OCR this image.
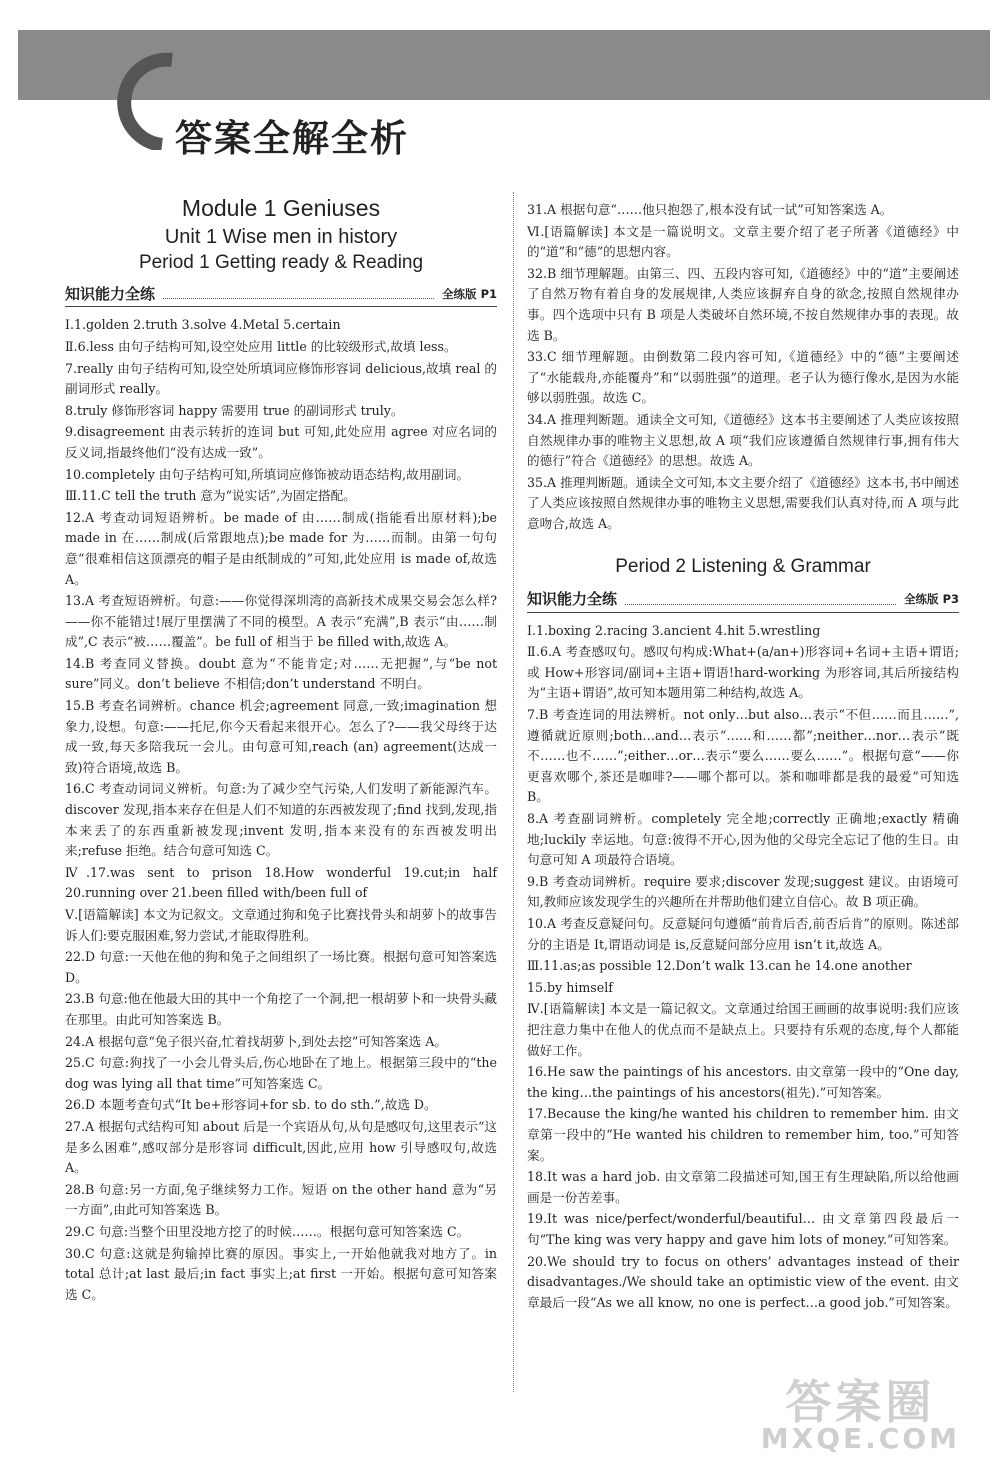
答案全解全析
Module 1 Geniuses
Unit 1 Wise men in history
Period 1 Getting ready & Reading
知识能力全练	全练版 P1
Ⅰ.1.golden 2.truth 3.solve 4.Metal 5.certain
Ⅱ.6.less 由句子结构可知,设空处应用 little 的比较级形式,故填 less。
7.really 由句子结构可知,设空处所填词应修饰形容词 delicious,故填 real 的副词形式 really。
8.truly 修饰形容词 happy 需要用 true 的副词形式 truly。
9.disagreement 由表示转折的连词 but 可知,此处应用 agree 对应名词的反义词,指最终他们“没有达成一致”。
10.completely 由句子结构可知,所填词应修饰被动语态结构,故用副词。
Ⅲ.11.C tell the truth 意为“说实话”,为固定搭配。
12.A 考查动词短语辨析。be made of 由……制成(指能看出原材料);be made in 在……制成(后常跟地点);be made for 为……而制。由第一句句意“很难相信这顶漂亮的帽子是由纸制成的”可知,此处应用 is made of,故选 A。
13.A 考查短语辨析。句意:——你觉得深圳湾的高新技术成果交易会怎么样?——你不能错过!展厅里摆满了不同的模型。A 表示“充满”,B 表示“由……制成”,C 表示“被……覆盖”。be full of 相当于 be filled with,故选 A。
14.B 考查同义替换。doubt 意为“不能肯定;对……无把握”,与“be not sure”同义。don’t believe 不相信;don’t understand 不明白。
15.B 考查名词辨析。chance 机会;agreement 同意,一致;imagination 想象力,设想。句意:——托尼,你今天看起来很开心。怎么了?——我父母终于达成一致,每天多陪我玩一会儿。由句意可知,reach (an) agreement(达成一致)符合语境,故选 B。
16.C 考查动词词义辨析。句意:为了减少空气污染,人们发明了新能源汽车。discover 发现,指本来存在但是人们不知道的东西被发现了;find 找到,发现,指本来丢了的东西重新被发现;invent 发明,指本来没有的东西被发明出来;refuse 拒绝。结合句意可知选 C。
Ⅳ.17.was sent to prison 18.How wonderful 19.cut;in half 20.running over 21.been filled with/been full of
Ⅴ.[语篇解读] 本文为记叙文。文章通过狗和兔子比赛找骨头和胡萝卜的故事告诉人们:要克服困难,努力尝试,才能取得胜利。
22.D 句意:一天他在他的狗和兔子之间组织了一场比赛。根据句意可知答案选 D。
23.B 句意:他在他最大田的其中一个角挖了一个洞,把一根胡萝卜和一块骨头藏在那里。由此可知答案选 B。
24.A 根据句意“兔子很兴奋,忙着找胡萝卜,到处去挖”可知答案选 A。
25.C 句意:狗找了一小会儿骨头后,伤心地卧在了地上。根据第三段中的“the dog was lying all that time”可知答案选 C。
26.D 本题考查句式“It be+形容词+for sb. to do sth.”,故选 D。
27.A 根据句式结构可知 about 后是一个宾语从句,从句是感叹句,这里表示“这是多么困难”,感叹部分是形容词 difficult,因此,应用 how 引导感叹句,故选 A。
28.B 句意:另一方面,兔子继续努力工作。短语 on the other hand 意为“另一方面”,由此可知答案选 B。
29.C 句意:当整个田里没地方挖了的时候……。根据句意可知答案选 C。
30.C 句意:这就是狗输掉比赛的原因。事实上,一开始他就我对地方了。in total 总计;at last 最后;in fact 事实上;at first 一开始。根据句意可知答案选 C。
31.A 根据句意“……他只抱怨了,根本没有试一试”可知答案选 A。
Ⅵ.[语篇解读] 本文是一篇说明文。文章主要介绍了老子所著《道德经》中的“道”和“德”的思想内容。
32.B 细节理解题。由第三、四、五段内容可知,《道德经》中的“道”主要阐述了自然万物有着自身的发展规律,人类应该摒弃自身的欲念,按照自然规律办事。四个选项中只有 B 项是人类破坏自然环境,不按自然规律办事的表现。故选 B。
33.C 细节理解题。由倒数第二段内容可知,《道德经》中的“德”主要阐述了“水能载舟,亦能覆舟”和“以弱胜强”的道理。老子认为德行像水,是因为水能够以弱胜强。故选 C。
34.A 推理判断题。通读全文可知,《道德经》这本书主要阐述了人类应该按照自然规律办事的唯物主义思想,故 A 项“我们应该遵循自然规律行事,拥有伟大的德行”符合《道德经》的思想。故选 A。
35.A 推理判断题。通读全文可知,本文主要介绍了《道德经》这本书,书中阐述了人类应该按照自然规律办事的唯物主义思想,需要我们认真对待,而 A 项与此意吻合,故选 A。
Period 2 Listening & Grammar
知识能力全练	全练版 P3
Ⅰ.1.boxing 2.racing 3.ancient 4.hit 5.wrestling
Ⅱ.6.A 考查感叹句。感叹句构成:What+(a/an+)形容词+名词+主语+谓语;或 How+形容词/副词+主语+谓语!hard-working 为形容词,其后所接结构为“主语+谓语”,故可知本题用第二种结构,故选 A。
7.B 考查连词的用法辨析。not only…but also…表示“不但……而且……”,遵循就近原则;both…and…表示“……和……都”;neither…nor…表示“既不……也不……”;either…or…表示“要么……要么……”。根据句意“——你更喜欢哪个,茶还是咖啡?——哪个都可以。茶和咖啡都是我的最爱”可知选 B。
8.A 考查副词辨析。completely 完全地;correctly 正确地;exactly 精确地;luckily 幸运地。句意:彼得不开心,因为他的父母完全忘记了他的生日。由句意可知 A 项最符合语境。
9.B 考查动词辨析。require 要求;discover 发现;suggest 建议。由语境可知,教师应该发现学生的兴趣所在并帮助他们建立自信心。故 B 项正确。
10.A 考查反意疑问句。反意疑问句遵循“前肯后否,前否后肯”的原则。陈述部分的主语是 It,谓语动词是 is,反意疑问部分应用 isn’t it,故选 A。
Ⅲ.11.as;as possible 12.Don’t walk 13.can he 14.one another
15.by himself
Ⅳ.[语篇解读] 本文是一篇记叙文。文章通过给国王画画的故事说明:我们应该把注意力集中在他人的优点而不是缺点上。只要持有乐观的态度,每个人都能做好工作。
16.He saw the paintings of his ancestors. 由文章第一段中的“One day, the king…the paintings of his ancestors(祖先).”可知答案。
17.Because the king/he wanted his children to remember him. 由文章第一段中的“He wanted his children to remember him, too.”可知答案。
18.It was a hard job. 由文章第二段描述可知,国王有生理缺陷,所以给他画画是一份苦差事。
19.It was nice/perfect/wonderful/beautiful… 由文章第四段最后一句“The king was very happy and gave him lots of money.”可知答案。
20.We should try to focus on others’ advantages instead of their disadvantages./We should take an optimistic view of the event. 由文章最后一段“As we all know, no one is perfect…a good job.”可知答案。
答案圈
MXQE.COM
